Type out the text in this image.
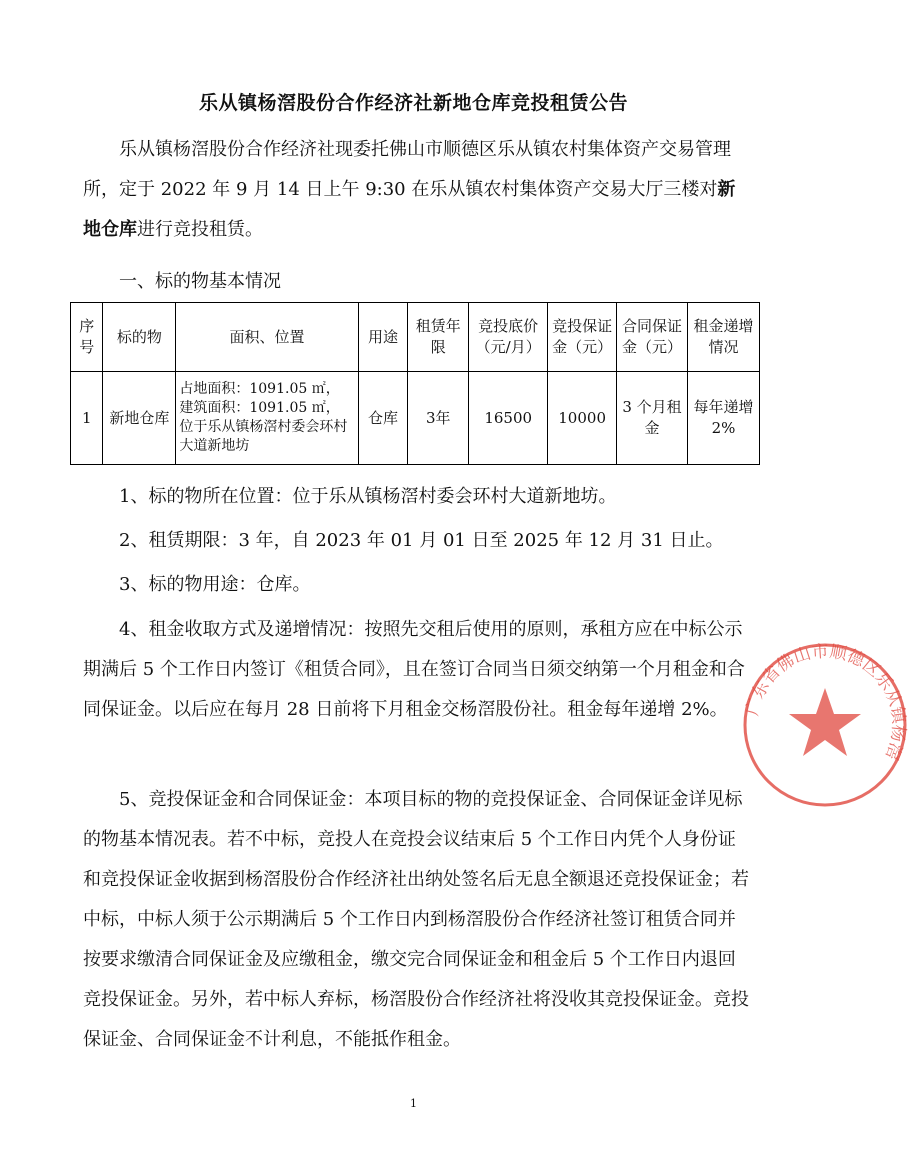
乐从镇杨滘股份合作经济社新地仓库竞投租赁公告

乐从镇杨滘股份合作经济社现委托佛山市顺德区乐从镇农村集体资产交易管理所，定于 2022 年 9 月 14 日上午 9:30 在乐从镇农村集体资产交易大厅三楼对新地仓库进行竞投租赁。

一、标的物基本情况

序号	标的物	面积、位置	用途	租赁年限	竞投底价（元/月）	竞投保证金（元）	合同保证金（元）	租金递增情况
1	新地仓库	占地面积：1091.05 ㎡，
建筑面积：1091.05 ㎡，
位于乐从镇杨滘村委会环村大道新地坊	仓库	3年	16500	10000	3 个月租金	每年递增 2%

1、标的物所在位置：位于乐从镇杨滘村委会环村大道新地坊。

2、租赁期限：3 年，自 2023 年 01 月 01 日至 2025 年 12 月 31 日止。

3、标的物用途：仓库。

4、租金收取方式及递增情况：按照先交租后使用的原则，承租方应在中标公示期满后 5 个工作日内签订《租赁合同》，且在签订合同当日须交纳第一个月租金和合同保证金。以后应在每月 28 日前将下月租金交杨滘股份社。租金每年递增 2%。

5、竞投保证金和合同保证金：本项目标的物的竞投保证金、合同保证金详见标的物基本情况表。若不中标，竞投人在竞投会议结束后 5 个工作日内凭个人身份证和竞投保证金收据到杨滘股份合作经济社出纳处签名后无息全额退还竞投保证金；若中标，中标人须于公示期满后 5 个工作日内到杨滘股份合作经济社签订租赁合同并按要求缴清合同保证金及应缴租金，缴交完合同保证金和租金后 5 个工作日内退回竞投保证金。另外，若中标人弃标，杨滘股份合作经济社将没收其竞投保证金。竞投保证金、合同保证金不计利息，不能抵作租金。

1
广东省佛山市顺德区乐从镇杨滘
